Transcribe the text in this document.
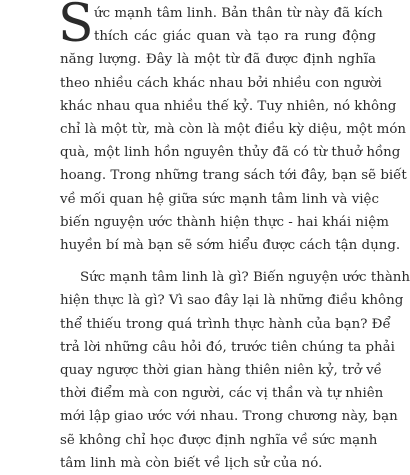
S ức mạnh tâm linh. Bản thân từ này đã kích
thích các giác quan và tạo ra rung động
năng lượng. Đây là một từ đã được định nghĩa
theo nhiều cách khác nhau bởi nhiều con người
khác nhau qua nhiều thế kỷ. Tuy nhiên, nó không
chỉ là một từ, mà còn là một điều kỳ diệu, một món
quà, một linh hồn nguyên thủy đã có từ thuở hồng
hoang. Trong những trang sách tới đây, bạn sẽ biết
về mối quan hệ giữa sức mạnh tâm linh và việc
biến nguyện ước thành hiện thực - hai khái niệm
huyền bí mà bạn sẽ sớm hiểu được cách tận dụng.

Sức mạnh tâm linh là gì? Biến nguyện ước thành
hiện thực là gì? Vì sao đây lại là những điều không
thể thiếu trong quá trình thực hành của bạn? Để
trả lời những câu hỏi đó, trước tiên chúng ta phải
quay ngược thời gian hàng thiên niên kỷ, trở về
thời điểm mà con người, các vị thần và tự nhiên
mới lập giao ước với nhau. Trong chương này, bạn
sẽ không chỉ học được định nghĩa về sức mạnh
tâm linh mà còn biết về lịch sử của nó.
